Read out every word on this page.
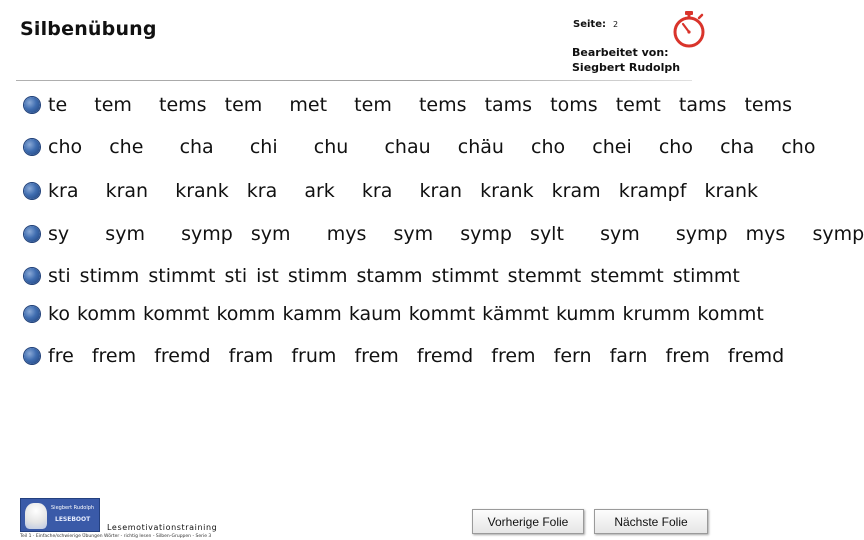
Silbenübung	Seite: 2
Bearbeitet von:
Siegbert Rudolph
te   tem   tems  tem   met   tem   tems  tams  toms  temt  tams  tems
cho   che    cha    chi    chu    chau   chäu   cho   chei   cho   cha   cho
kra   kran   krank  kra   ark   kra   kran  krank  kram  krampf  krank
sy    sym    symp  sym    mys   sym   symp  sylt    sym    symp  mys   symp
sti stimm stimmt sti ist stimm stamm stimmt stemmt stemmt stimmt
ko komm kommt komm kamm kaum kommt kämmt kumm krumm kommt
fre  frem  fremd  fram  frum  frem  fremd  frem  fern  farn  frem  fremd
Siegbert Rudolph
LESEBOOT
Lesemotivationstraining
Teil 1 · Einfache/schwierige Übungen Wörter - richtig lesen - Silben-Gruppen - Serie 3
Vorherige Folie	Nächste Folie
